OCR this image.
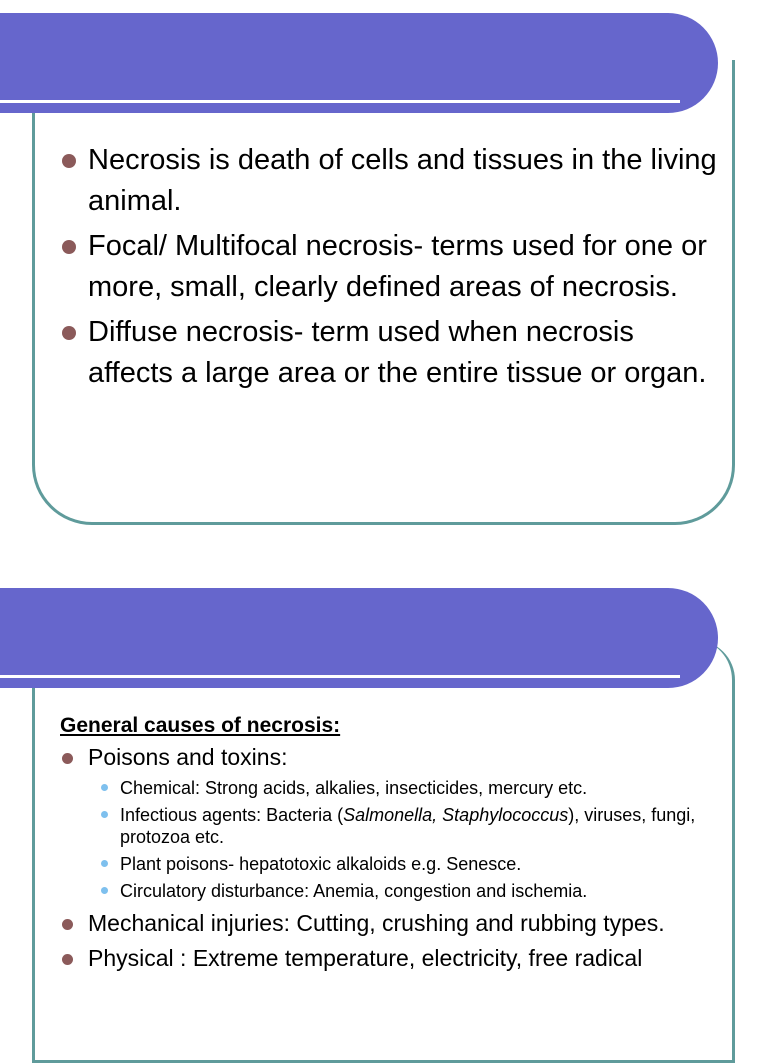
Necrosis is death of cells and tissues in the living animal.
Focal/ Multifocal necrosis- terms used for one or more, small, clearly defined areas of necrosis.
Diffuse necrosis- term used when necrosis affects a large area or the entire tissue or organ.
General causes of necrosis:
Poisons and toxins:
Chemical: Strong acids, alkalies, insecticides, mercury etc.
Infectious agents: Bacteria (Salmonella, Staphylococcus), viruses, fungi, protozoa etc.
Plant poisons- hepatotoxic alkaloids e.g. Senesce.
Circulatory disturbance: Anemia, congestion and ischemia.
Mechanical injuries: Cutting, crushing and rubbing types.
Physical : Extreme temperature, electricity, free radical
